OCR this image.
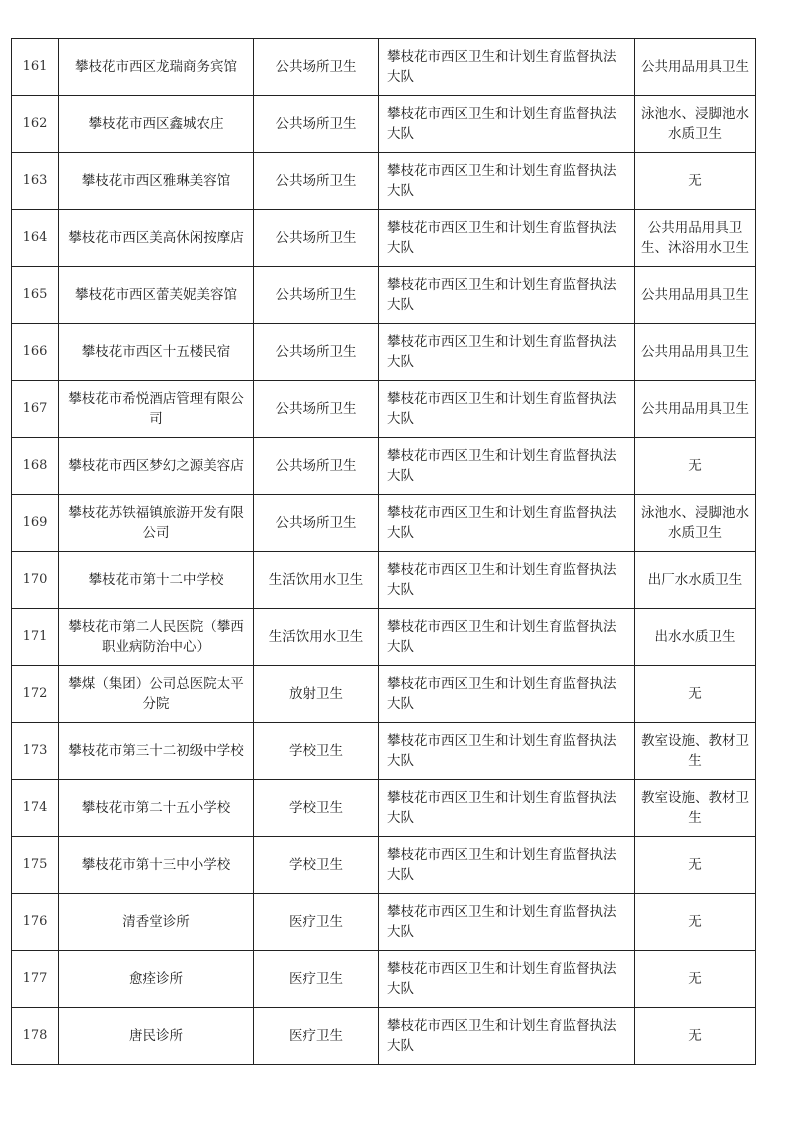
161	攀枝花市西区龙瑞商务宾馆	公共场所卫生	攀枝花市西区卫生和计划生育监督执法大队	公共用品用具卫生
162	攀枝花市西区鑫城农庄	公共场所卫生	攀枝花市西区卫生和计划生育监督执法大队	泳池水、浸脚池水水质卫生
163	攀枝花市西区雅琳美容馆	公共场所卫生	攀枝花市西区卫生和计划生育监督执法大队	无
164	攀枝花市西区美高休闲按摩店	公共场所卫生	攀枝花市西区卫生和计划生育监督执法大队	公共用品用具卫生、沐浴用水卫生
165	攀枝花市西区蕾芙妮美容馆	公共场所卫生	攀枝花市西区卫生和计划生育监督执法大队	公共用品用具卫生
166	攀枝花市西区十五楼民宿	公共场所卫生	攀枝花市西区卫生和计划生育监督执法大队	公共用品用具卫生
167	攀枝花市希悦酒店管理有限公司	公共场所卫生	攀枝花市西区卫生和计划生育监督执法大队	公共用品用具卫生
168	攀枝花市西区梦幻之源美容店	公共场所卫生	攀枝花市西区卫生和计划生育监督执法大队	无
169	攀枝花苏铁福镇旅游开发有限公司	公共场所卫生	攀枝花市西区卫生和计划生育监督执法大队	泳池水、浸脚池水水质卫生
170	攀枝花市第十二中学校	生活饮用水卫生	攀枝花市西区卫生和计划生育监督执法大队	出厂水水质卫生
171	攀枝花市第二人民医院（攀西职业病防治中心）	生活饮用水卫生	攀枝花市西区卫生和计划生育监督执法大队	出水水质卫生
172	攀煤（集团）公司总医院太平分院	放射卫生	攀枝花市西区卫生和计划生育监督执法大队	无
173	攀枝花市第三十二初级中学校	学校卫生	攀枝花市西区卫生和计划生育监督执法大队	教室设施、教材卫生
174	攀枝花市第二十五小学校	学校卫生	攀枝花市西区卫生和计划生育监督执法大队	教室设施、教材卫生
175	攀枝花市第十三中小学校	学校卫生	攀枝花市西区卫生和计划生育监督执法大队	无
176	清香堂诊所	医疗卫生	攀枝花市西区卫生和计划生育监督执法大队	无
177	愈痊诊所	医疗卫生	攀枝花市西区卫生和计划生育监督执法大队	无
178	唐民诊所	医疗卫生	攀枝花市西区卫生和计划生育监督执法大队	无
